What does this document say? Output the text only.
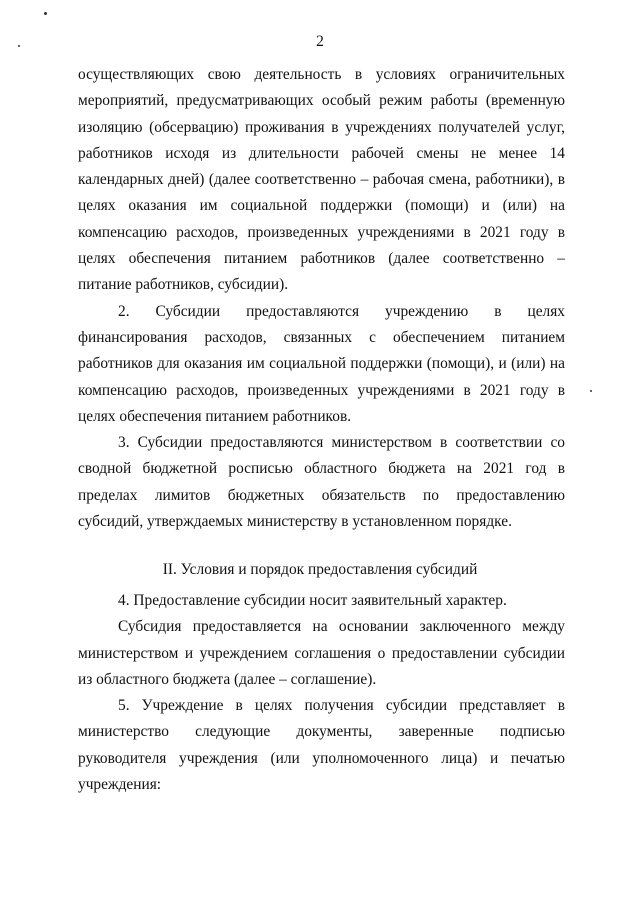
2

осуществляющих свою деятельность в условиях ограничительных мероприятий, предусматривающих особый режим работы (временную изоляцию (обсервацию) проживания в учреждениях получателей услуг, работников исходя из длительности рабочей смены не менее 14 календарных дней) (далее соответственно – рабочая смена, работники), в целях оказания им социальной поддержки (помощи) и (или) на компенсацию расходов, произведенных учреждениями в 2021 году в целях обеспечения питанием работников (далее соответственно – питание работников, субсидии).

2. Субсидии предоставляются учреждению в целях финансирования расходов, связанных с обеспечением питанием работников для оказания им социальной поддержки (помощи), и (или) на компенсацию расходов, произведенных учреждениями в 2021 году в целях обеспечения питанием работников.

3. Субсидии предоставляются министерством в соответствии со сводной бюджетной росписью областного бюджета на 2021 год в пределах лимитов бюджетных обязательств по предоставлению субсидий, утверждаемых министерству в установленном порядке.

II. Условия и порядок предоставления субсидий

4. Предоставление субсидии носит заявительный характер.

Субсидия предоставляется на основании заключенного между министерством и учреждением соглашения о предоставлении субсидии из областного бюджета (далее – соглашение).

5. Учреждение в целях получения субсидии представляет в министерство следующие документы, заверенные подписью руководителя учреждения (или уполномоченного лица) и печатью учреждения:
